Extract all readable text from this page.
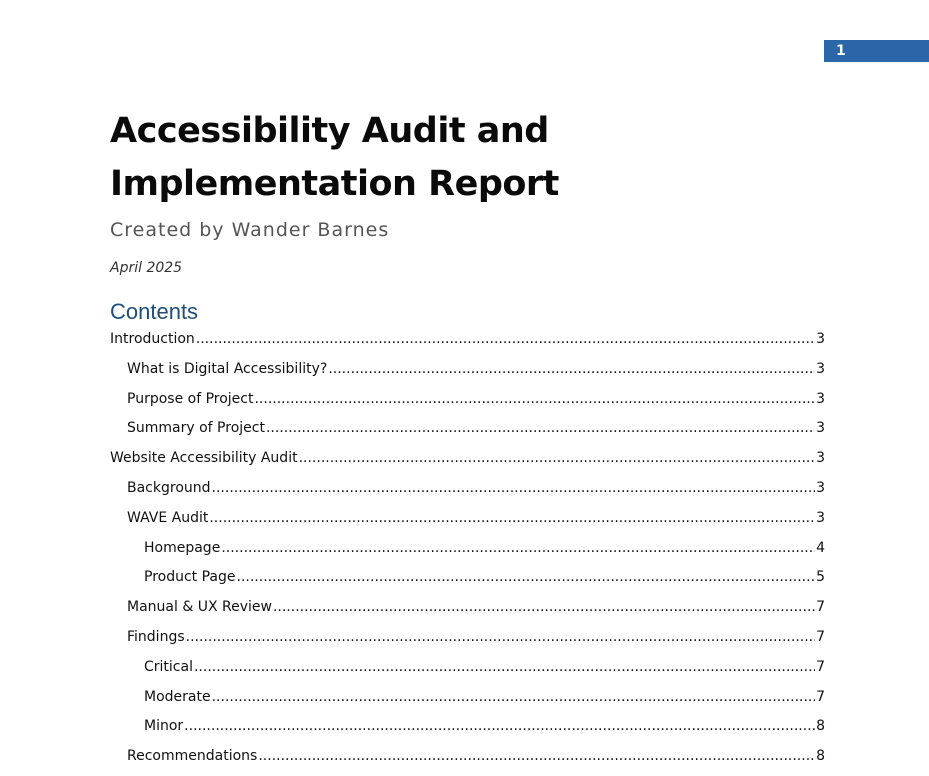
1
Accessibility Audit and Implementation Report
Created by Wander Barnes
April 2025
Contents
Introduction .....	3
What is Digital Accessibility? .....	3
Purpose of Project .....	3
Summary of Project .....	3
Website Accessibility Audit .....	3
Background .....	3
WAVE Audit .....	3
Homepage .....	4
Product Page .....	5
Manual & UX Review .....	7
Findings .....	7
Critical .....	7
Moderate .....	7
Minor .....	8
Recommendations .....	8
